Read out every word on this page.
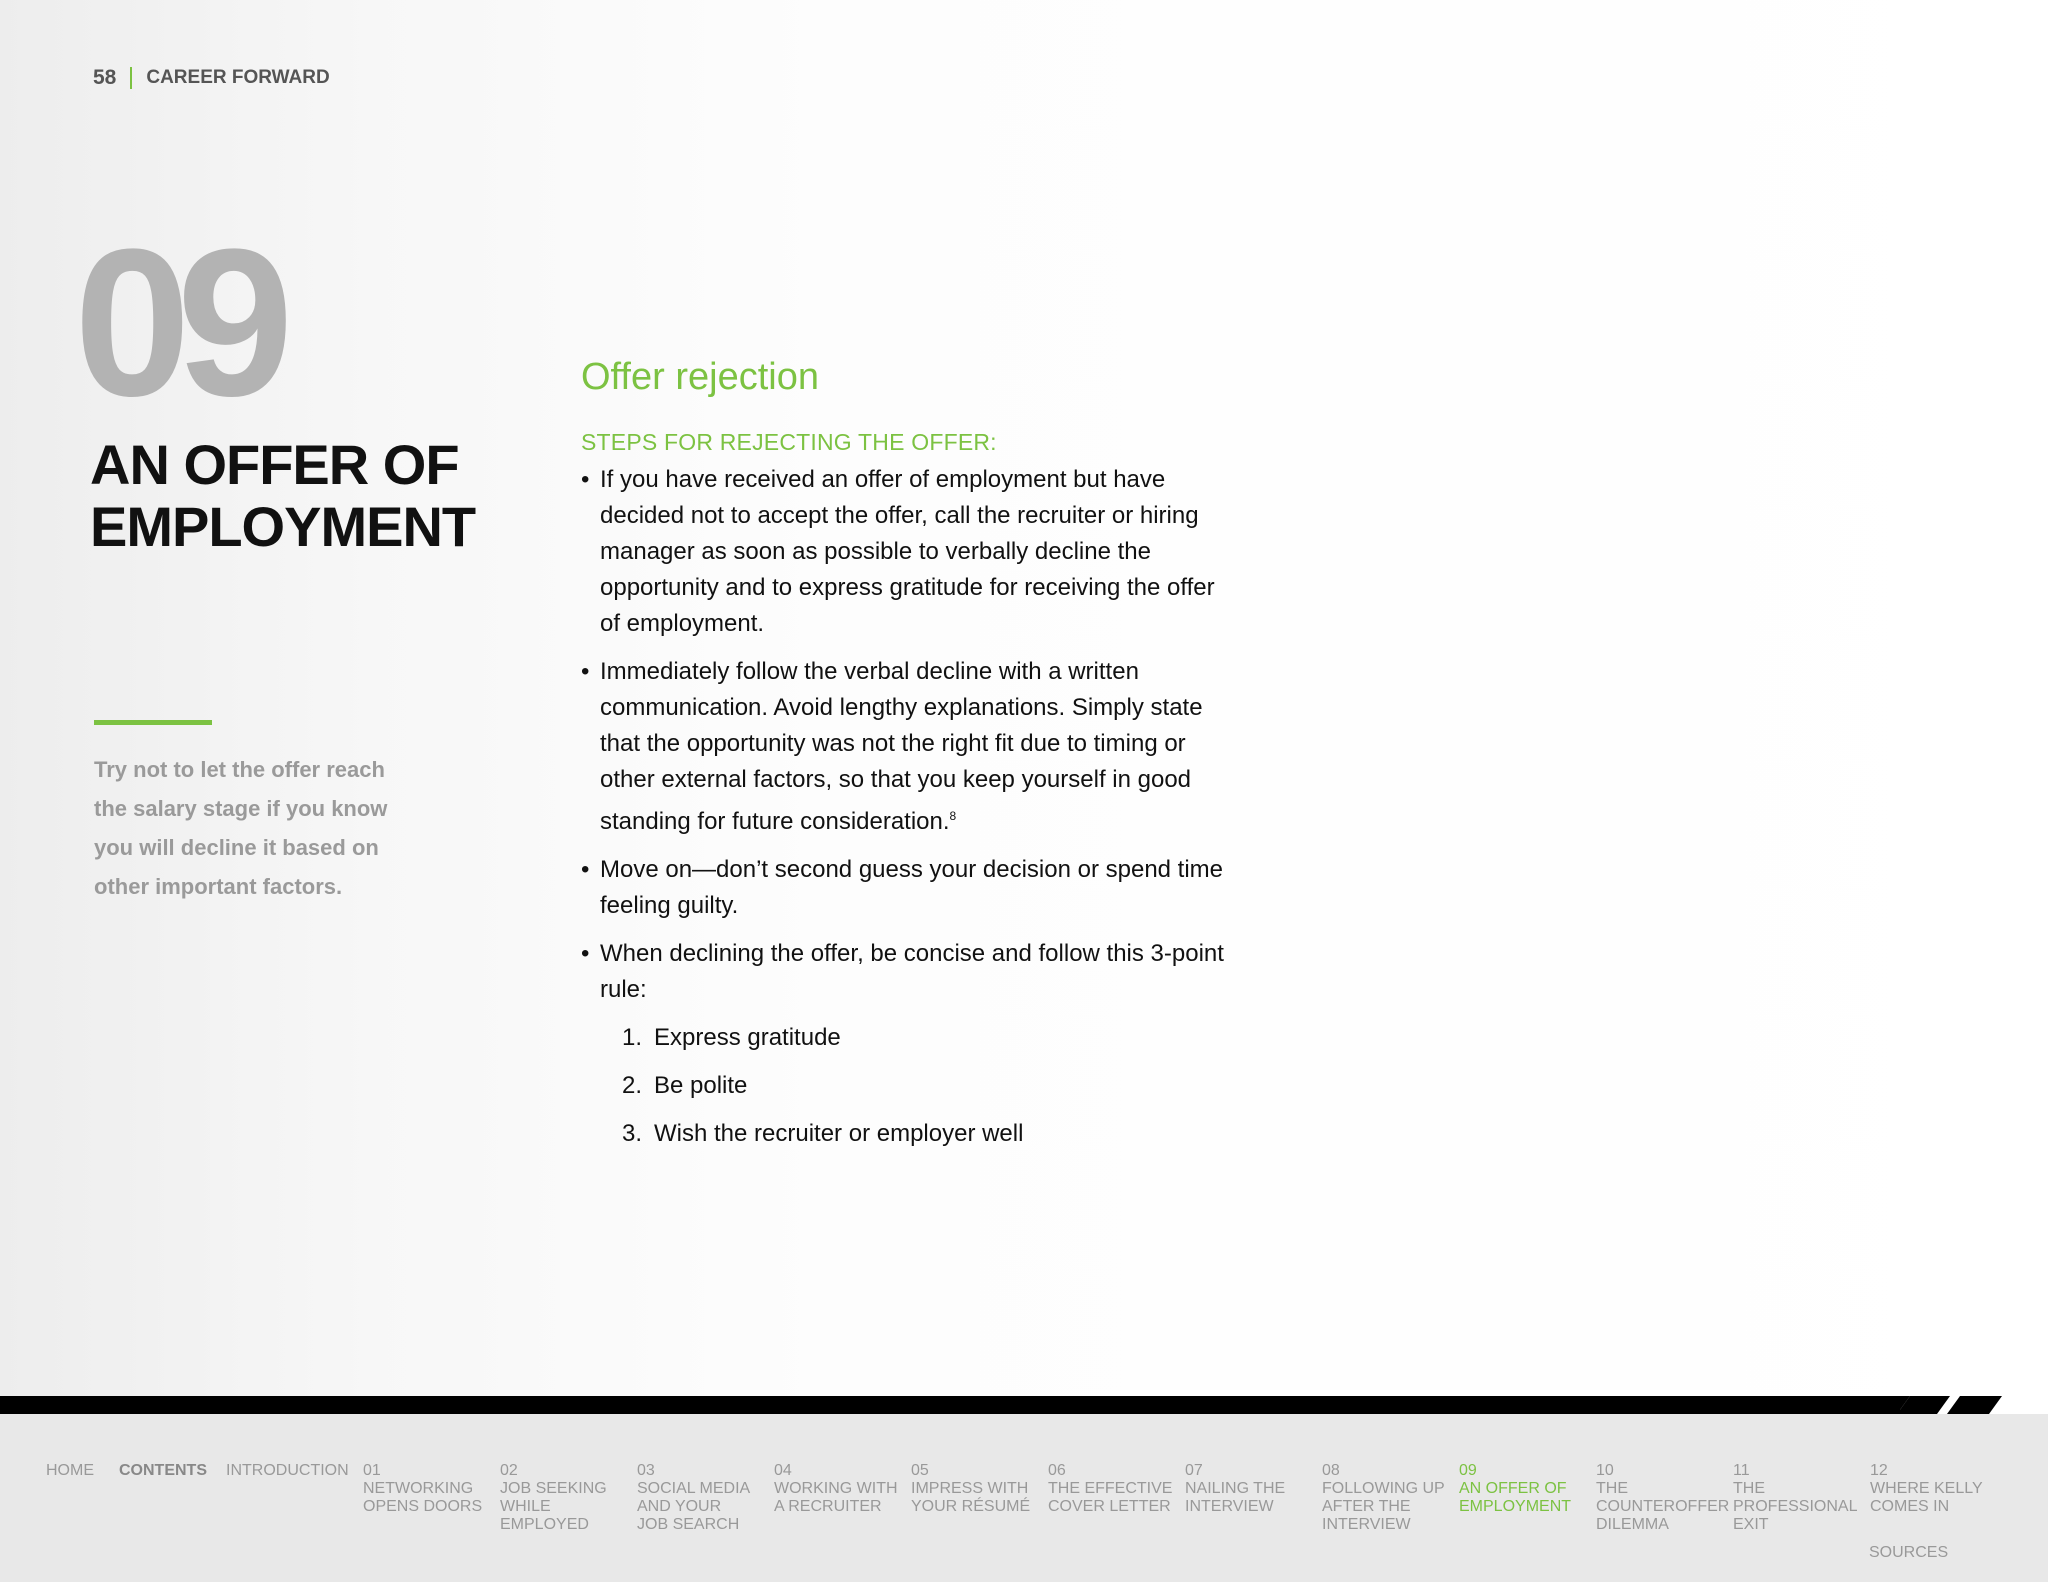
58 CAREER FORWARD
09
AN OFFER OF
EMPLOYMENT
Try not to let the offer reach the salary stage if you know you will decline it based on other important factors.
Offer rejection
STEPS FOR REJECTING THE OFFER:
• If you have received an offer of employment but have decided not to accept the offer, call the recruiter or hiring manager as soon as possible to verbally decline the opportunity and to express gratitude for receiving the offer of employment.
• Immediately follow the verbal decline with a written communication. Avoid lengthy explanations. Simply state that the opportunity was not the right fit due to timing or other external factors, so that you keep yourself in good standing for future consideration.$^8$
• Move on—don’t second guess your decision or spend time feeling guilty.
• When declining the offer, be concise and follow this 3-point rule:
1. Express gratitude
2. Be polite
3. Wish the recruiter or employer well
HOME	CONTENTS	INTRODUCTION 01
NETWORKING
OPENS DOORS
02
JOB SEEKING
WHILE EMPLOYED
03
SOCIAL MEDIA
AND YOUR
JOB SEARCH
04
WORKING WITH
A RECRUITER
05
IMPRESS WITH
YOUR RÉSUMÉ
06
THE EFFECTIVE
COVER LETTER
07
NAILING THE
INTERVIEW
08
FOLLOWING UP
AFTER THE
INTERVIEW
09
AN OFFER OF
EMPLOYMENT
10
THE
COUNTEROFFER
DILEMMA
11
THE
PROFESSIONAL
EXIT
12
WHERE KELLY
COMES IN
SOURCES
